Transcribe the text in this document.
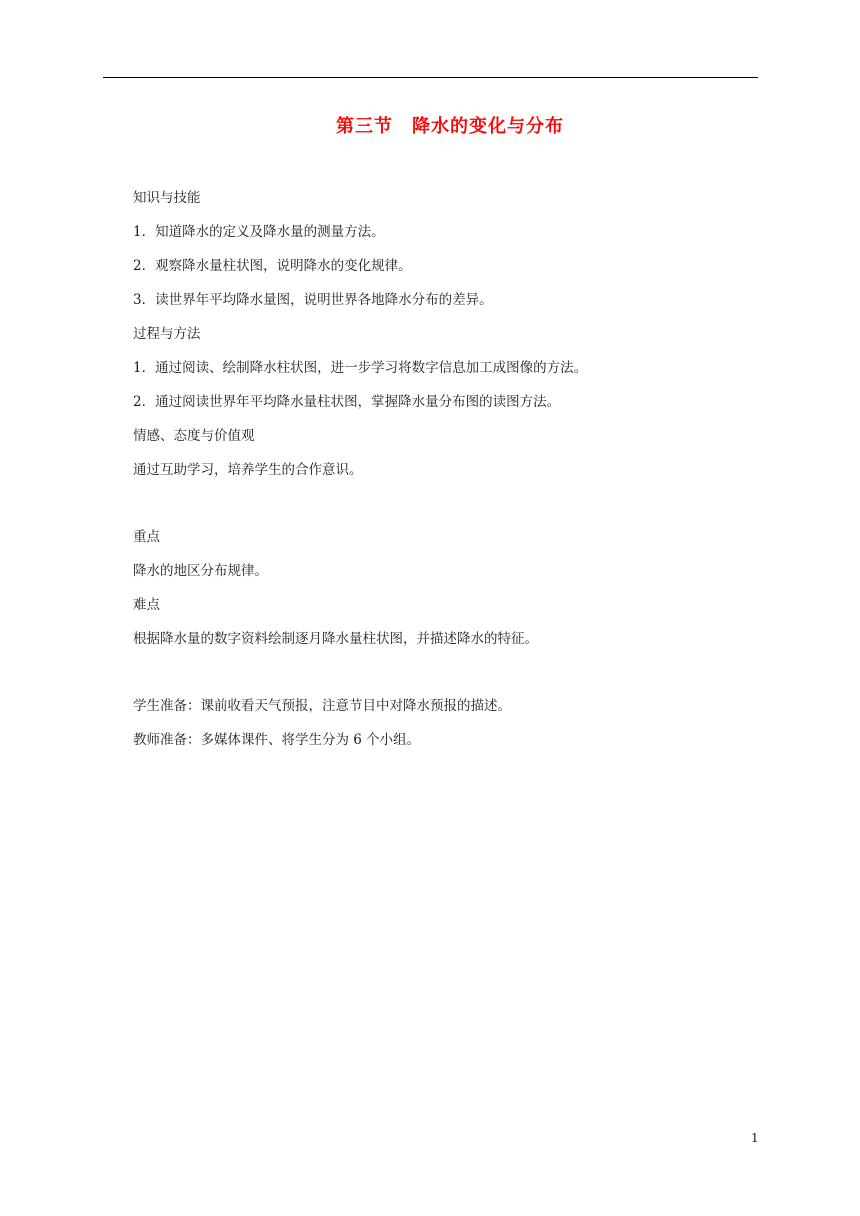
第三节　降水的变化与分布
知识与技能
1．知道降水的定义及降水量的测量方法。
2．观察降水量柱状图，说明降水的变化规律。
3．读世界年平均降水量图，说明世界各地降水分布的差异。
过程与方法
1．通过阅读、绘制降水柱状图，进一步学习将数字信息加工成图像的方法。
2．通过阅读世界年平均降水量柱状图，掌握降水量分布图的读图方法。
情感、态度与价值观
通过互助学习，培养学生的合作意识。
重点
降水的地区分布规律。
难点
根据降水量的数字资料绘制逐月降水量柱状图，并描述降水的特征。
学生准备：课前收看天气预报，注意节目中对降水预报的描述。
教师准备：多媒体课件、将学生分为 6 个小组。
1
